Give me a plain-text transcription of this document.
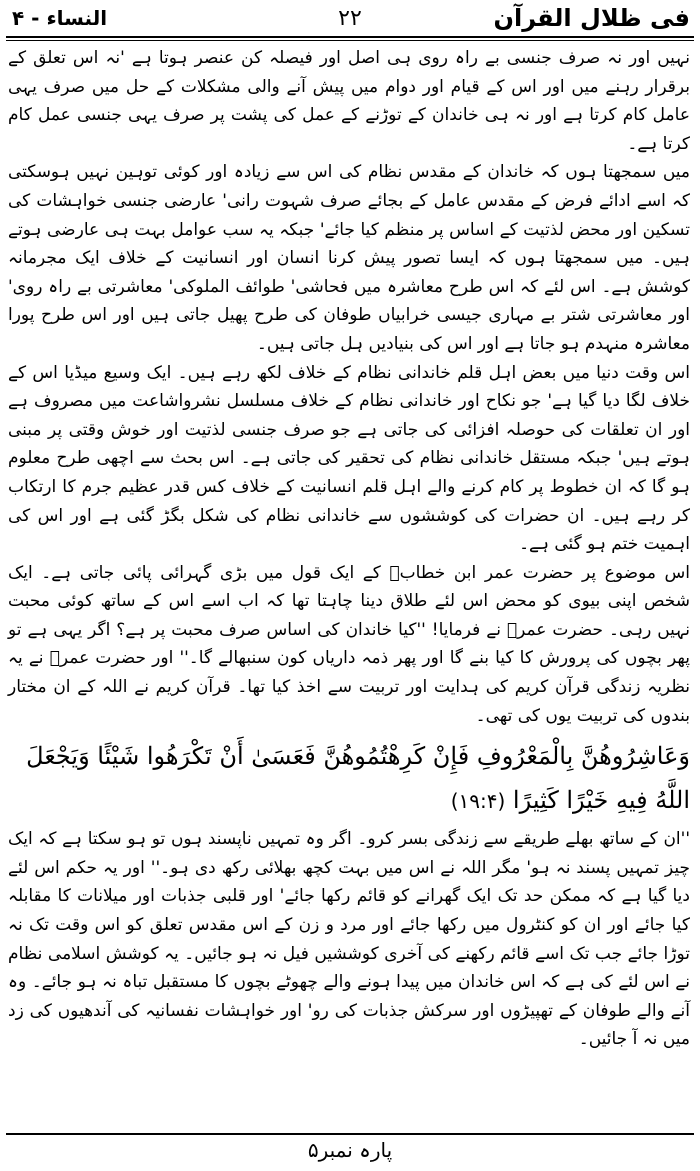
فی ظلال القرآن
۲۲
النساء - ۴

نہیں اور نہ صرف جنسی بے راہ روی ہی اصل اور فیصلہ کن عنصر ہوتا ہے 'نہ اس تعلق کے برقرار رہنے میں اور اس کے قیام اور دوام میں پیش آنے والی مشکلات کے حل میں صرف یہی عامل کام کرتا ہے اور نہ ہی خاندان کے توڑنے کے عمل کی پشت پر صرف یہی جنسی عمل کام کرتا ہے۔

میں سمجھتا ہوں کہ خاندان کے مقدس نظام کی اس سے زیادہ اور کوئی توہین نہیں ہوسکتی کہ اسے ادائے فرض کے مقدس عامل کے بجائے صرف شہوت رانی' عارضی جنسی خواہشات کی تسکین اور محض لذتیت کے اساس پر منظم کیا جائے' جبکہ یہ سب عوامل بہت ہی عارضی ہوتے ہیں۔ میں سمجھتا ہوں کہ ایسا تصور پیش کرنا انسان اور انسانیت کے خلاف ایک مجرمانہ کوشش ہے۔ اس لئے کہ اس طرح معاشرہ میں فحاشی' طوائف الملوکی' معاشرتی بے راہ روی' اور معاشرتی شتر بے مہاری جیسی خرابیاں طوفان کی طرح پھیل جاتی ہیں اور اس طرح پورا معاشرہ منہدم ہو جاتا ہے اور اس کی بنیادیں ہل جاتی ہیں۔

اس وقت دنیا میں بعض اہل قلم خاندانی نظام کے خلاف لکھ رہے ہیں۔ ایک وسیع میڈیا اس کے خلاف لگا دیا گیا ہے' جو نکاح اور خاندانی نظام کے خلاف مسلسل نشرواشاعت میں مصروف ہے اور ان تعلقات کی حوصلہ افزائی کی جاتی ہے جو صرف جنسی لذتیت اور خوش وقتی پر مبنی ہوتے ہیں' جبکہ مستقل خاندانی نظام کی تحقیر کی جاتی ہے۔ اس بحث سے اچھی طرح معلوم ہو گا کہ ان خطوط پر کام کرنے والے اہل قلم انسانیت کے خلاف کس قدر عظیم جرم کا ارتکاب کر رہے ہیں۔ ان حضرات کی کوششوں سے خاندانی نظام کی شکل بگڑ گئی ہے اور اس کی اہمیت ختم ہو گئی ہے۔

اس موضوع پر حضرت عمر ابن خطابؓ کے ایک قول میں بڑی گہرائی پائی جاتی ہے۔ ایک شخص اپنی بیوی کو محض اس لئے طلاق دینا چاہتا تھا کہ اب اسے اس کے ساتھ کوئی محبت نہیں رہی۔ حضرت عمرؓ نے فرمایا! ''کیا خاندان کی اساس صرف محبت پر ہے؟ اگر یہی ہے تو پھر بچوں کی پرورش کا کیا بنے گا اور پھر ذمہ داریاں کون سنبھالے گا۔'' اور حضرت عمرؓ نے یہ نظریہ زندگی قرآن کریم کی ہدایت اور تربیت سے اخذ کیا تھا۔ قرآن کریم نے اللہ کے ان مختار بندوں کی تربیت یوں کی تھی۔

وَعَاشِرُوهُنَّ بِالْمَعْرُوفِ فَإِنْ كَرِهْتُمُوهُنَّ فَعَسَىٰ أَنْ تَكْرَهُوا شَيْئًا وَيَجْعَلَ اللَّهُ فِيهِ خَيْرًا كَثِيرًا (۱۹:۴)

''ان کے ساتھ بھلے طریقے سے زندگی بسر کرو۔ اگر وہ تمہیں ناپسند ہوں تو ہو سکتا ہے کہ ایک چیز تمہیں پسند نہ ہو' مگر اللہ نے اس میں بہت کچھ بھلائی رکھ دی ہو۔'' اور یہ حکم اس لئے دیا گیا ہے کہ ممکن حد تک ایک گھرانے کو قائم رکھا جائے' اور قلبی جذبات اور میلانات کا مقابلہ کیا جائے اور ان کو کنٹرول میں رکھا جائے اور مرد و زن کے اس مقدس تعلق کو اس وقت تک نہ توڑا جائے جب تک اسے قائم رکھنے کی آخری کوششیں فیل نہ ہو جائیں۔ یہ کوشش اسلامی نظام نے اس لئے کی ہے کہ اس خاندان میں پیدا ہونے والے چھوٹے بچوں کا مستقبل تباہ نہ ہو جائے۔ وہ آنے والے طوفان کے تھپیڑوں اور سرکش جذبات کی رو' اور خواہشات نفسانیہ کی آندھیوں کی زد میں نہ آ جائیں۔

پارہ نمبر۵
